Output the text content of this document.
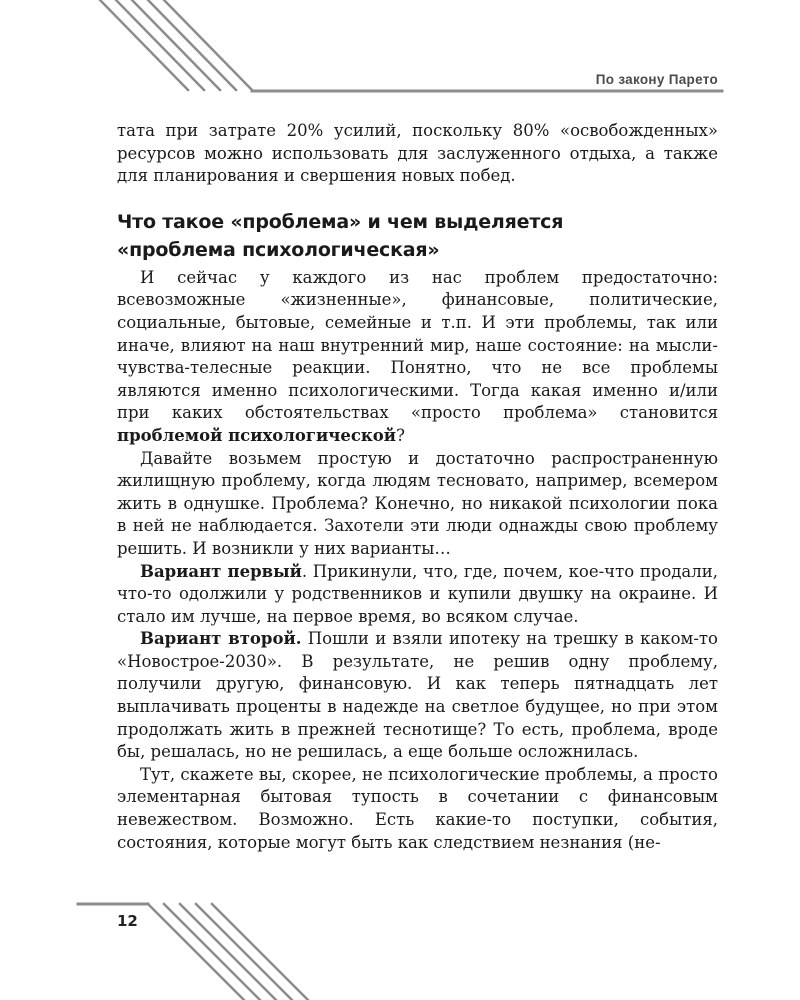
По закону Парето

тата при затрате 20% усилий, поскольку 80% «освобожденных» ресурсов можно использовать для заслуженного отдыха, а также для планирования и свершения новых побед.

Что такое «проблема» и чем выделяется
«проблема психологическая»

И сейчас у каждого из нас проблем предостаточно: всевозможные «жизненные», финансовые, политические, социальные, бытовые, семейные и т.п. И эти проблемы, так или иначе, влияют на наш внутренний мир, наше состояние: на мысли-чувства-телесные реакции. Понятно, что не все проблемы являются именно психологическими. Тогда какая именно и/или при каких обстоятельствах «просто проблема» становится проблемой психологической?

Давайте возьмем простую и достаточно распространенную жилищную проблему, когда людям тесновато, например, всемером жить в однушке. Проблема? Конечно, но никакой психологии пока в ней не наблюдается. Захотели эти люди однажды свою проблему решить. И возникли у них варианты…

Вариант первый. Прикинули, что, где, почем, кое-что продали, что-то одолжили у родственников и купили двушку на окраине. И стало им лучше, на первое время, во всяком случае.

Вариант второй. Пошли и взяли ипотеку на трешку в каком-то «Новострое-2030». В результате, не решив одну проблему, получили другую, финансовую. И как теперь пятнадцать лет выплачивать проценты в надежде на светлое будущее, но при этом продолжать жить в прежней теснотище? То есть, проблема, вроде бы, решалась, но не решилась, а еще больше осложнилась.

Тут, скажете вы, скорее, не психологические проблемы, а просто элементарная бытовая тупость в сочетании с финансовым невежеством. Возможно. Есть какие-то поступки, события, состояния, которые могут быть как следствием незнания (не-

12
